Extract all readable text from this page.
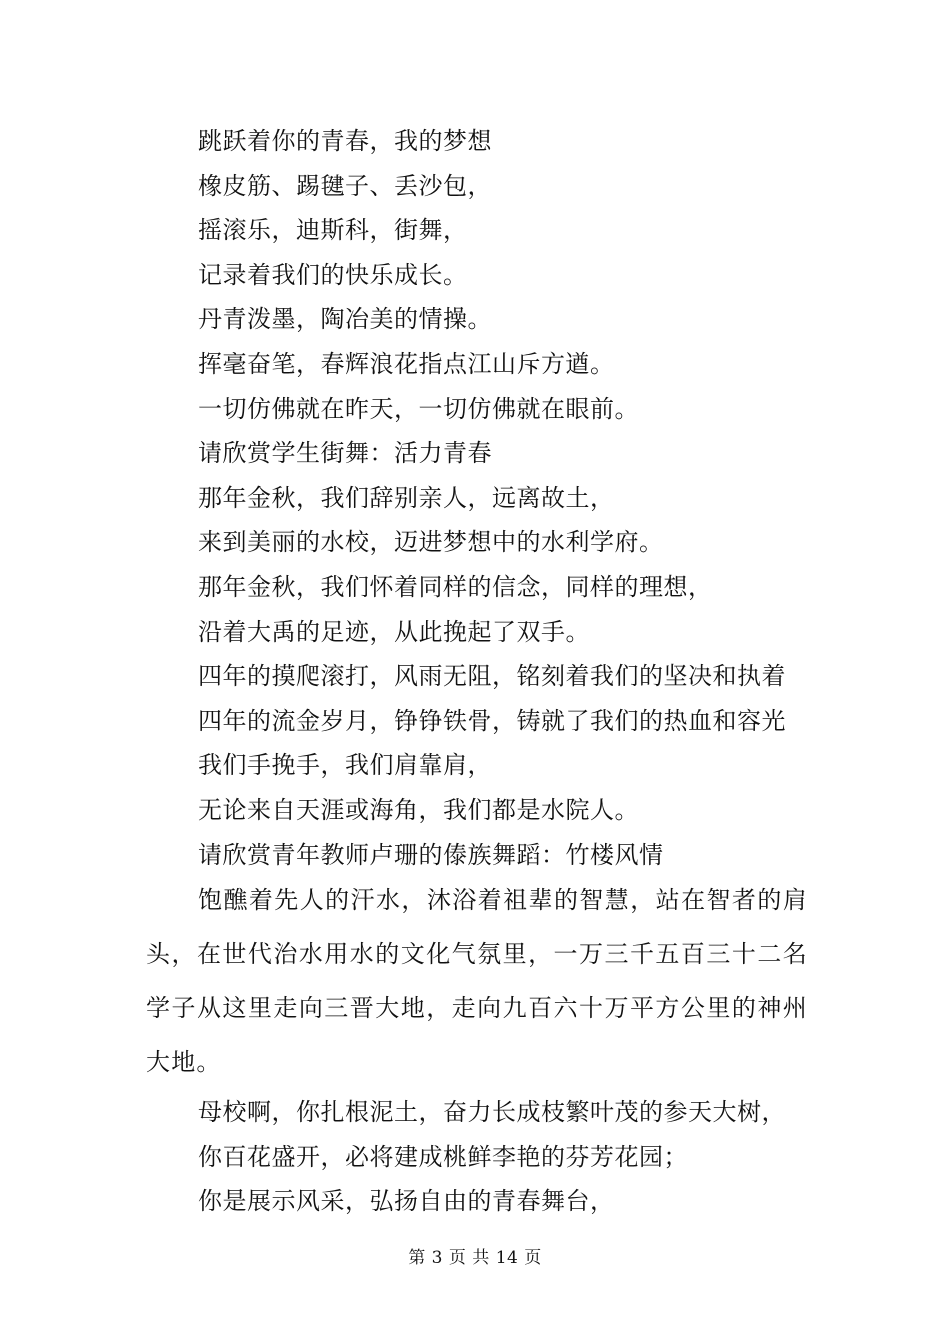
跳跃着你的青春，我的梦想
橡皮筋、踢毽子、丢沙包，
摇滚乐，迪斯科，街舞，
记录着我们的快乐成长。
丹青泼墨，陶冶美的情操。
挥毫奋笔，春辉浪花指点江山斥方遒。
一切仿佛就在昨天，一切仿佛就在眼前。
请欣赏学生街舞：活力青春
那年金秋，我们辞别亲人，远离故土，
来到美丽的水校，迈进梦想中的水利学府。
那年金秋，我们怀着同样的信念，同样的理想，
沿着大禹的足迹，从此挽起了双手。
四年的摸爬滚打，风雨无阻，铭刻着我们的坚决和执着
四年的流金岁月，铮铮铁骨，铸就了我们的热血和容光
我们手挽手，我们肩靠肩，
无论来自天涯或海角，我们都是水院人。
请欣赏青年教师卢珊的傣族舞蹈：竹楼风情
饱醮着先人的汗水，沐浴着祖辈的智慧，站在智者的肩头，在世代治水用水的文化气氛里，一万三千五百三十二名学子从这里走向三晋大地，走向九百六十万平方公里的神州大地。
母校啊，你扎根泥土，奋力长成枝繁叶茂的参天大树，
你百花盛开，必将建成桃鲜李艳的芬芳花园；
你是展示风采，弘扬自由的青春舞台，
第 3 页 共 14 页
